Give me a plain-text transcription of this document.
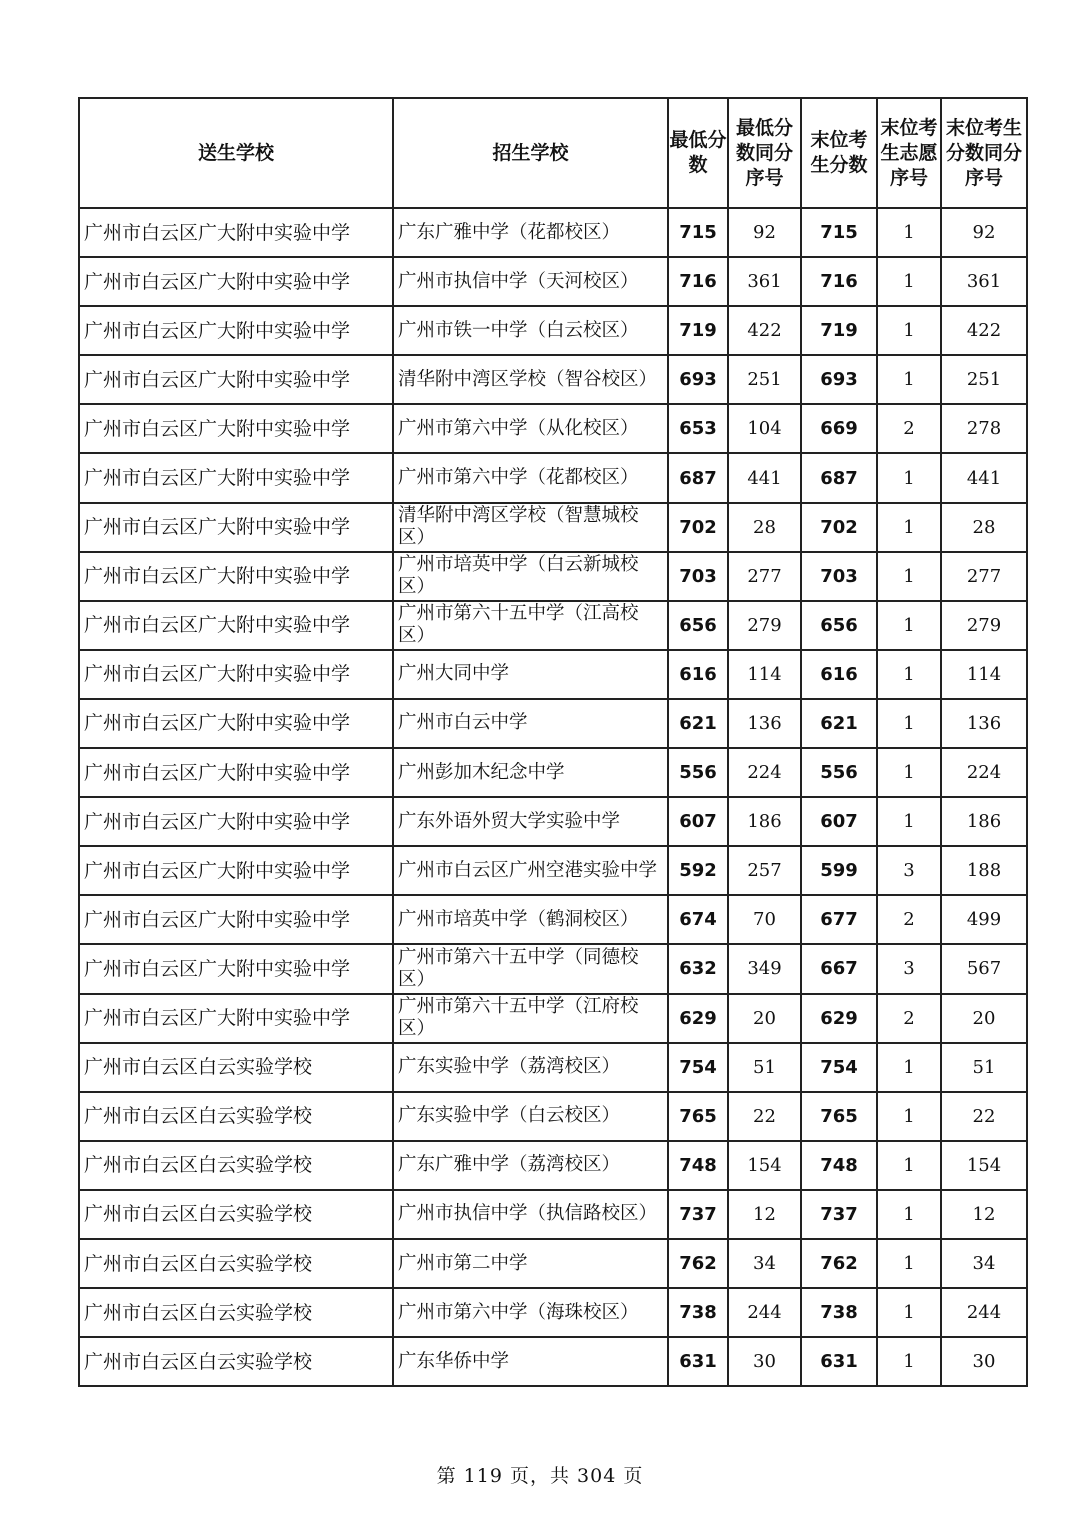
送生学校	招生学校	最低分数	最低分数同分序号	末位考生分数	末位考生志愿序号	末位考生分数同分序号
广州市白云区广大附中实验中学	广东广雅中学（花都校区）	715	92	715	1	92
广州市白云区广大附中实验中学	广州市执信中学（天河校区）	716	361	716	1	361
广州市白云区广大附中实验中学	广州市铁一中学（白云校区）	719	422	719	1	422
广州市白云区广大附中实验中学	清华附中湾区学校（智谷校区）	693	251	693	1	251
广州市白云区广大附中实验中学	广州市第六中学（从化校区）	653	104	669	2	278
广州市白云区广大附中实验中学	广州市第六中学（花都校区）	687	441	687	1	441
广州市白云区广大附中实验中学	清华附中湾区学校（智慧城校区）	702	28	702	1	28
广州市白云区广大附中实验中学	广州市培英中学（白云新城校区）	703	277	703	1	277
广州市白云区广大附中实验中学	广州市第六十五中学（江高校区）	656	279	656	1	279
广州市白云区广大附中实验中学	广州大同中学	616	114	616	1	114
广州市白云区广大附中实验中学	广州市白云中学	621	136	621	1	136
广州市白云区广大附中实验中学	广州彭加木纪念中学	556	224	556	1	224
广州市白云区广大附中实验中学	广东外语外贸大学实验中学	607	186	607	1	186
广州市白云区广大附中实验中学	广州市白云区广州空港实验中学	592	257	599	3	188
广州市白云区广大附中实验中学	广州市培英中学（鹤洞校区）	674	70	677	2	499
广州市白云区广大附中实验中学	广州市第六十五中学（同德校区）	632	349	667	3	567
广州市白云区广大附中实验中学	广州市第六十五中学（江府校区）	629	20	629	2	20
广州市白云区白云实验学校	广东实验中学（荔湾校区）	754	51	754	1	51
广州市白云区白云实验学校	广东实验中学（白云校区）	765	22	765	1	22
广州市白云区白云实验学校	广东广雅中学（荔湾校区）	748	154	748	1	154
广州市白云区白云实验学校	广州市执信中学（执信路校区）	737	12	737	1	12
广州市白云区白云实验学校	广州市第二中学	762	34	762	1	34
广州市白云区白云实验学校	广州市第六中学（海珠校区）	738	244	738	1	244
广州市白云区白云实验学校	广东华侨中学	631	30	631	1	30
第 119 页，共 304 页
